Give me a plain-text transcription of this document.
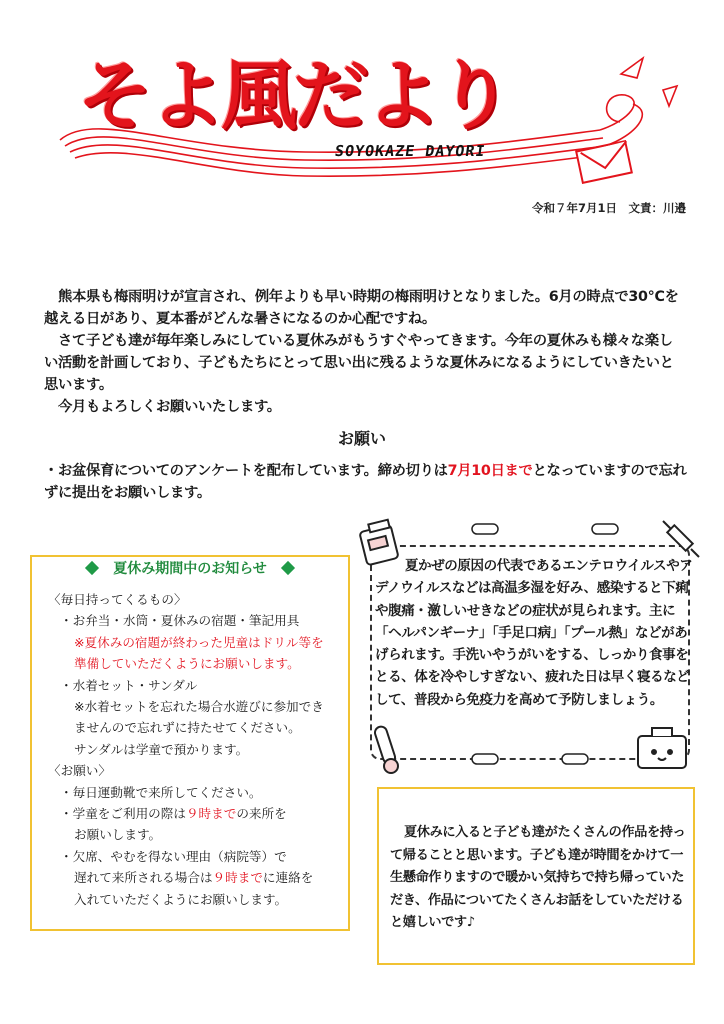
そよ風だより
SOYOKAZE DAYORI
令和７年7月1日　文責：川邉

　熊本県も梅雨明けが宣言され、例年よりも早い時期の梅雨明けとなりました。6月の時点で30℃を越える日があり、夏本番がどんな暑さになるのか心配ですね。

　さて子ども達が毎年楽しみにしている夏休みがもうすぐやってきます。今年の夏休みも様々な楽しい活動を計画しており、子どもたちにとって思い出に残るような夏休みになるようにしていきたいと思います。

　今月もよろしくお願いいたします。

お願い

・お盆保育についてのアンケートを配布しています。締め切りは7月10日までとなっていますので忘れずに提出をお願いします。

夏休み期間中のお知らせ

〈毎日持ってくるもの〉

・ お弁当・水筒・夏休みの宿題・筆記用具

※夏休みの宿題が終わった児童はドリル等を

準備していただくようにお願いします。

・ 水着セット・サンダル

※水着セットを忘れた場合水遊びに参加でき

ませんので忘れずに持たせてください。

サンダルは学童で預かります。

〈お願い〉

・ 毎日運動靴で来所してください。

・ 学童をご利用の際は９時までの来所を

お願いします。

・ 欠席、やむを得ない理由（病院等）で

遅れて来所される場合は９時までに連絡を

入れていただくようにお願いします。

夏かぜの原因の代表であるエンテロウイルスやアデノウイルスなどは高温多湿を好み、感染すると下痢や腹痛・激しいせきなどの症状が見られます。主に「ヘルパンギーナ」「手足口病」「プール熱」などがあげられます。手洗いやうがいをする、しっかり食事をとる、体を冷やしすぎない、疲れた日は早く寝るなどして、普段から免疫力を高めて予防しましょう。
夏休みに入ると子ども達がたくさんの作品を持って帰ることと思います。子ども達が時間をかけて一生懸命作りますので暖かい気持ちで持ち帰っていただき、作品についてたくさんお話をしていただけると嬉しいです♪
